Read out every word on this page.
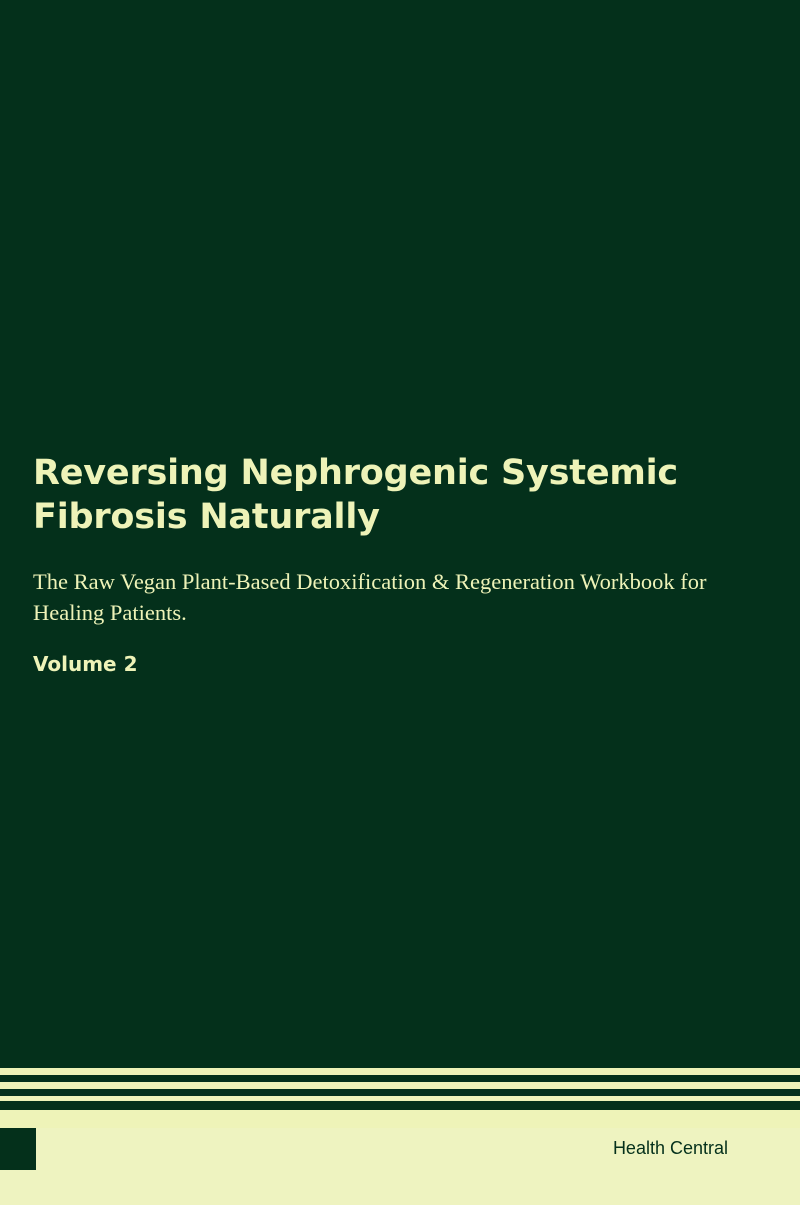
Reversing Nephrogenic Systemic Fibrosis Naturally

The Raw Vegan Plant-Based Detoxification & Regeneration Workbook for Healing Patients.

Volume 2

Health Central
